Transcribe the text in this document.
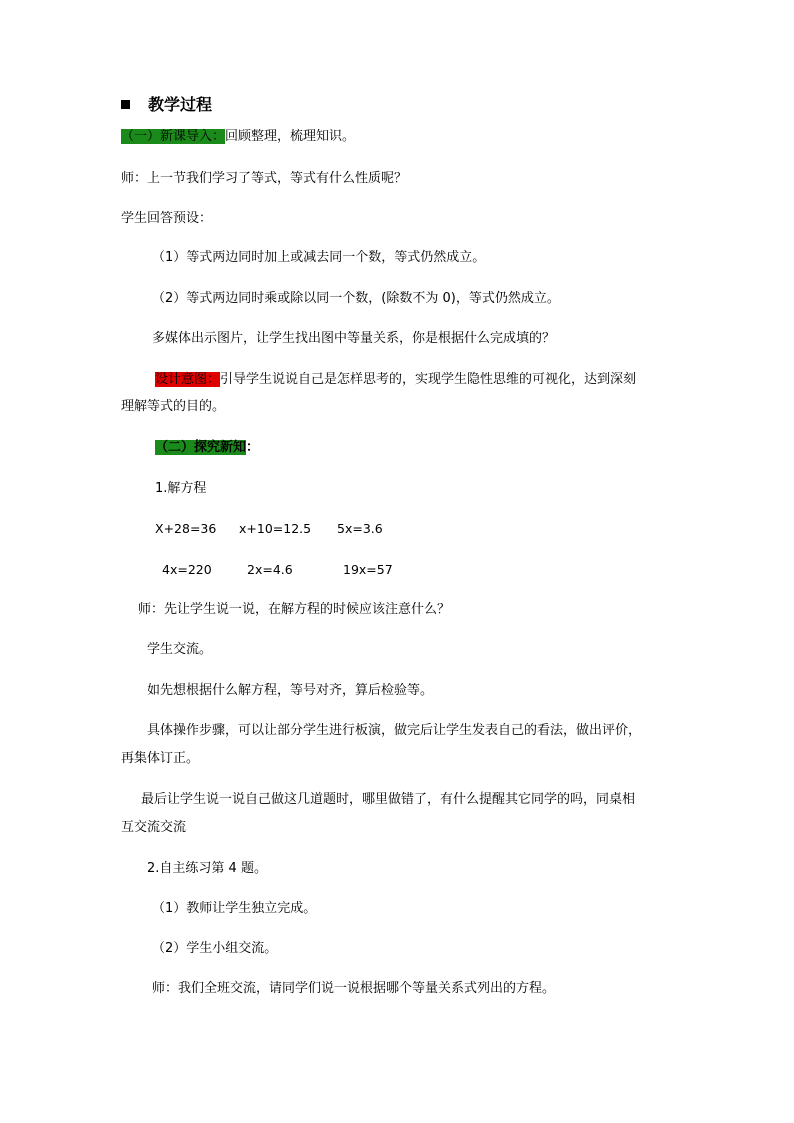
教学过程
（一）新课导入：回顾整理，梳理知识。
师：上一节我们学习了等式，等式有什么性质呢？
学生回答预设：
（1）等式两边同时加上或减去同一个数，等式仍然成立。
（2）等式两边同时乘或除以同一个数，(除数不为 0)，等式仍然成立。
多媒体出示图片，让学生找出图中等量关系，你是根据什么完成填的？
设计意图：引导学生说说自己是怎样思考的，实现学生隐性思维的可视化，达到深刻
理解等式的目的。
（二）探究新知：
1.解方程
X+28=36 x+10=12.5 5x=3.6
4x=220	2x=4.6	19x=57
师：先让学生说一说，在解方程的时候应该注意什么？
学生交流。
如先想根据什么解方程，等号对齐，算后检验等。
具体操作步骤，可以让部分学生进行板演，做完后让学生发表自己的看法，做出评价，
再集体订正。
最后让学生说一说自己做这几道题时，哪里做错了，有什么提醒其它同学的吗，同桌相
互交流交流
2.自主练习第 4 题。
（1）教师让学生独立完成。
（2）学生小组交流。
师：我们全班交流，请同学们说一说根据哪个等量关系式列出的方程。
